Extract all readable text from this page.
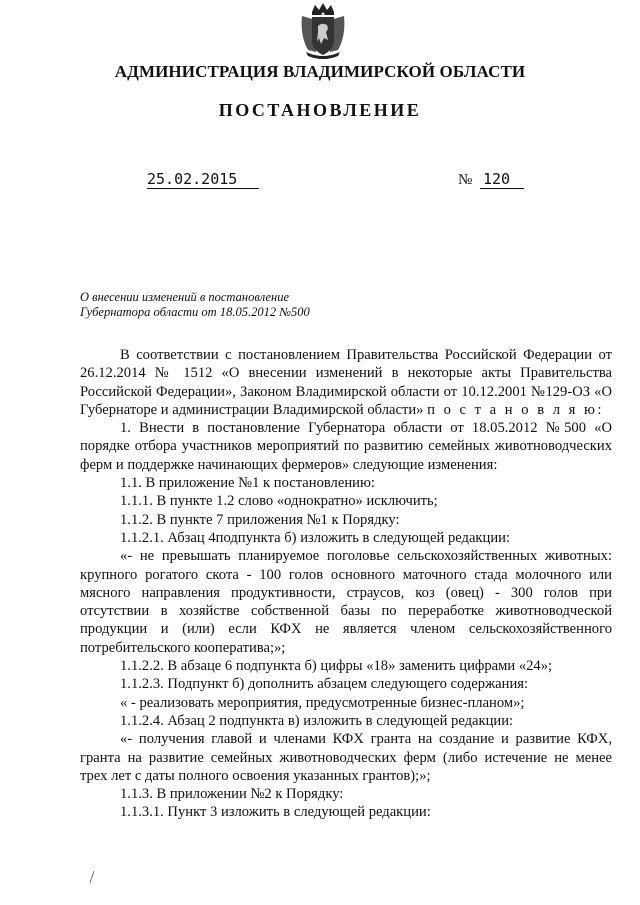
АДМИНИСТРАЦИЯ ВЛАДИМИРСКОЙ ОБЛАСТИ
ПОСТАНОВЛЕНИЕ
25.02.2015	№ 120
О внесении изменений в постановление
Губернатора области от 18.05.2012 №500

В соответствии с постановлением Правительства Российской Федерации от 26.12.2014 № 1512 «О внесении изменений в некоторые акты Правительства Российской Федерации», Законом Владимирской области от 10.12.2001 №129-ОЗ «О Губернаторе и администрации Владимирской области» п о с т а н о в л я ю:

1. Внести в постановление Губернатора области от 18.05.2012 №500 «О порядке отбора участников мероприятий по развитию семейных животноводческих ферм и поддержке начинающих фермеров» следующие изменения:

1.1. В приложение №1 к постановлению:

1.1.1. В пункте 1.2 слово «однократно» исключить;

1.1.2. В пункте 7 приложения №1 к Порядку:

1.1.2.1. Абзац 4подпункта б) изложить в следующей редакции:

«- не превышать планируемое поголовье сельскохозяйственных животных: крупного рогатого скота - 100 голов основного маточного стада молочного или мясного направления продуктивности, страусов, коз (овец) - 300 голов при отсутствии в хозяйстве собственной базы по переработке животноводческой продукции и (или) если КФХ не является членом сельскохозяйственного потребительского кооператива;»;

1.1.2.2. В абзаце 6 подпункта б) цифры «18» заменить цифрами «24»;

1.1.2.3. Подпункт б) дополнить абзацем следующего содержания:

« - реализовать мероприятия, предусмотренные бизнес-планом»;

1.1.2.4. Абзац 2 подпункта в) изложить в следующей редакции:

«- получения главой и членами КФХ гранта на создание и развитие КФХ, гранта на развитие семейных животноводческих ферм (либо истечение не менее трех лет с даты полного освоения указанных грантов);»;

1.1.3. В приложении №2 к Порядку:

1.1.3.1. Пункт 3 изложить в следующей редакции:
